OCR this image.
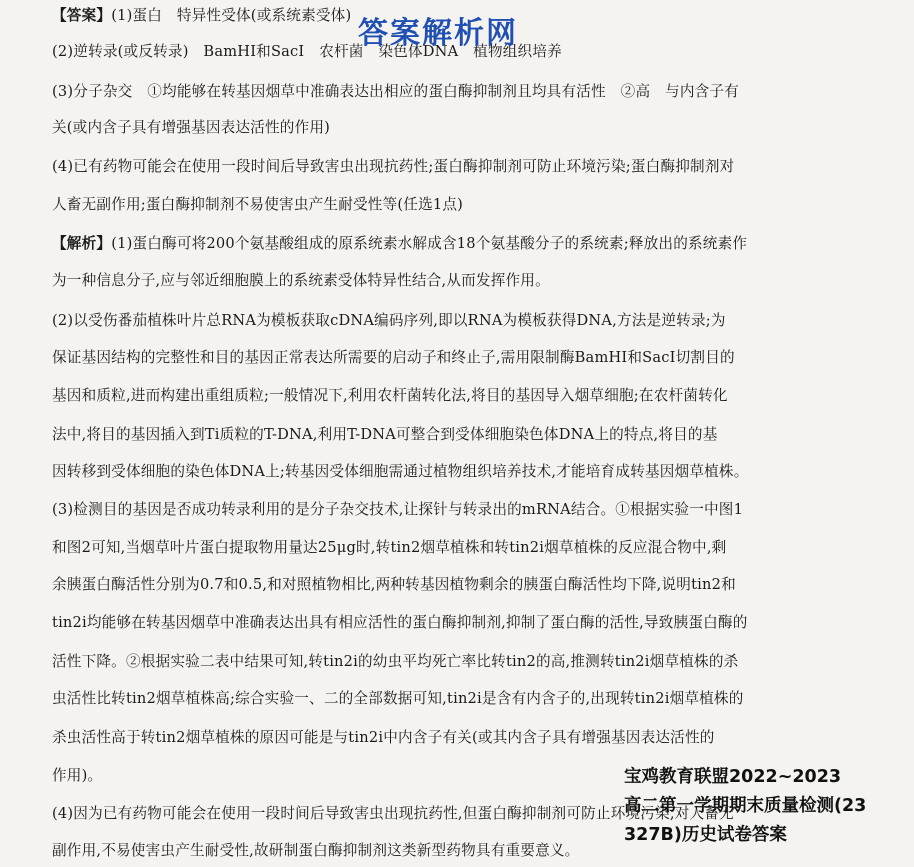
【答案】(1)蛋白　特异性受体(或系统素受体)
(2)逆转录(或反转录)　BamHⅠ和SacⅠ　农杆菌　染色体DNA　植物组织培养
(3)分子杂交　①均能够在转基因烟草中准确表达出相应的蛋白酶抑制剂且均具有活性　②高　与内含子有
关(或内含子具有增强基因表达活性的作用)
(4)已有药物可能会在使用一段时间后导致害虫出现抗药性;蛋白酶抑制剂可防止环境污染;蛋白酶抑制剂对
人畜无副作用;蛋白酶抑制剂不易使害虫产生耐受性等(任选1点)
【解析】(1)蛋白酶可将200个氨基酸组成的原系统素水解成含18个氨基酸分子的系统素;释放出的系统素作
为一种信息分子,应与邻近细胞膜上的系统素受体特异性结合,从而发挥作用。
(2)以受伤番茄植株叶片总RNA为模板获取cDNA编码序列,即以RNA为模板获得DNA,方法是逆转录;为
保证基因结构的完整性和目的基因正常表达所需要的启动子和终止子,需用限制酶BamHⅠ和SacⅠ切割目的
基因和质粒,进而构建出重组质粒;一般情况下,利用农杆菌转化法,将目的基因导入烟草细胞;在农杆菌转化
法中,将目的基因插入到Ti质粒的T-DNA,利用T-DNA可整合到受体细胞染色体DNA上的特点,将目的基
因转移到受体细胞的染色体DNA上;转基因受体细胞需通过植物组织培养技术,才能培育成转基因烟草植株。
(3)检测目的基因是否成功转录利用的是分子杂交技术,让探针与转录出的mRNA结合。①根据实验一中图1
和图2可知,当烟草叶片蛋白提取物用量达25μg时,转tin2烟草植株和转tin2i烟草植株的反应混合物中,剩
余胰蛋白酶活性分别为0.7和0.5,和对照植物相比,两种转基因植物剩余的胰蛋白酶活性均下降,说明tin2和
tin2i均能够在转基因烟草中准确表达出具有相应活性的蛋白酶抑制剂,抑制了蛋白酶的活性,导致胰蛋白酶的
活性下降。②根据实验二表中结果可知,转tin2i的幼虫平均死亡率比转tin2的高,推测转tin2i烟草植株的杀
虫活性比转tin2烟草植株高;综合实验一、二的全部数据可知,tin2i是含有内含子的,出现转tin2i烟草植株的
杀虫活性高于转tin2烟草植株的原因可能是与tin2i中内含子有关(或其内含子具有增强基因表达活性的
作用)。
(4)因为已有药物可能会在使用一段时间后导致害虫出现抗药性,但蛋白酶抑制剂可防止环境污染,对人畜无
副作用,不易使害虫产生耐受性,故研制蛋白酶抑制剂这类新型药物具有重要意义。
答案解析网
宝鸡教育联盟2022~2023
高二第一学期期末质量检测(23
327B)历史试卷答案
